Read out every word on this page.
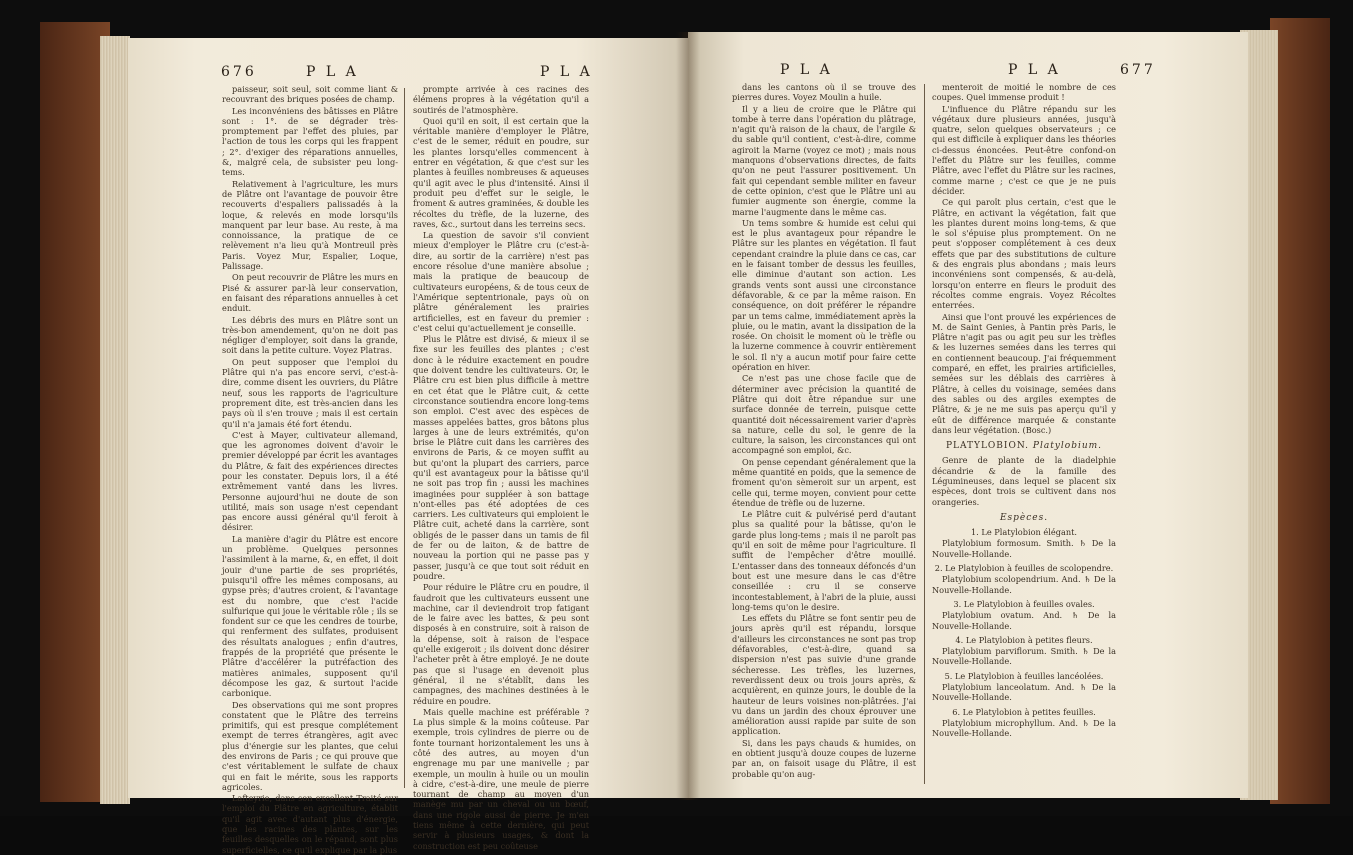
676	P L A	P L A

paisseur, soit seul, soit comme liant & recouvrant des briques posées de champ.

Les inconvéniens des bâtisses en Plâtre sont : 1°. de se dégrader très-promptement par l'effet des pluies, par l'action de tous les corps qui les frappent ; 2°. d'exiger des réparations annuelles, &, malgré cela, de subsister peu long-tems.

Relativement à l'agriculture, les murs de Plâtre ont l'avantage de pouvoir être recouverts d'espaliers palissadés à la loque, & relevés en mode lorsqu'ils manquent par leur base. Au reste, à ma connoissance, la pratique de ce relèvement n'a lieu qu'à Montreuil près Paris. Voyez Mur, Espalier, Loque, Palissage.

On peut recouvrir de Plâtre les murs en Pisé & assurer par-là leur conservation, en faisant des réparations annuelles à cet enduit.

Les débris des murs en Plâtre sont un très-bon amendement, qu'on ne doit pas négliger d'employer, soit dans la grande, soit dans la petite culture. Voyez Platras.

On peut supposer que l'emploi du Plâtre qui n'a pas encore servi, c'est-à-dire, comme disent les ouvriers, du Plâtre neuf, sous les rapports de l'agriculture proprement dite, est très-ancien dans les pays où il s'en trouve ; mais il est certain qu'il n'a jamais été fort étendu.

C'est à Mayer, cultivateur allemand, que les agronomes doivent d'avoir le premier développé par écrit les avantages du Plâtre, & fait des expériences directes pour les constater. Depuis lors, il a été extrêmement vanté dans les livres. Personne aujourd'hui ne doute de son utilité, mais son usage n'est cependant pas encore aussi général qu'il feroit à désirer.

La manière d'agir du Plâtre est encore un problème. Quelques personnes l'assimilent à la marne, &, en effet, il doit jouir d'une partie de ses propriétés, puisqu'il offre les mêmes composans, au gypse près; d'autres croient, & l'avantage est du nombre, que c'est l'acide sulfurique qui joue le véritable rôle ; ils se fondent sur ce que les cendres de tourbe, qui renferment des sulfates, produisent des résultats analogues ; enfin d'autres, frappés de la propriété que présente le Plâtre d'accélérer la putréfaction des matières animales, supposent qu'il décompose les gaz, & surtout l'acide carbonique.

Des observations qui me sont propres constatent que le Plâtre des terreins primitifs, qui est presque complétement exempt de terres étrangères, agit avec plus d'énergie sur les plantes, que celui des environs de Paris ; ce qui prouve que c'est véritablement le sulfate de chaux qui en fait le mérite, sous les rapports agricoles.

Lafteyrie, dans son excellent Traité sur l'emploi du Plâtre en agriculture, établit qu'il agit avec d'autant plus d'énergie, que les racines des plantes, sur les feuilles desquelles on le répand, sont plus superficielles, ce qu'il explique par la plus

prompte arrivée à ces racines des élémens propres à la végétation qu'il a soutirés de l'atmosphère.

Quoi qu'il en soit, il est certain que la véritable manière d'employer le Plâtre, c'est de le semer, réduit en poudre, sur les plantes lorsqu'elles commencent à entrer en végétation, & que c'est sur les plantes à feuilles nombreuses & aqueuses qu'il agit avec le plus d'intensité. Ainsi il produit peu d'effet sur le seigle, le froment & autres graminées, & double les récoltes du trèfle, de la luzerne, des raves, &c., surtout dans les terreins secs.

La question de savoir s'il convient mieux d'employer le Plâtre cru (c'est-à-dire, au sortir de la carrière) n'est pas encore résolue d'une manière absolue ; mais la pratique de beaucoup de cultivateurs européens, & de tous ceux de l'Amérique septentrionale, pays où on plâtre généralement les prairies artificielles, est en faveur du premier : c'est celui qu'actuellement je conseille.

Plus le Plâtre est divisé, & mieux il se fixe sur les feuilles des plantes ; c'est donc à le réduire exactement en poudre que doivent tendre les cultivateurs. Or, le Plâtre cru est bien plus difficile à mettre en cet état que le Plâtre cuit, & cette circonstance soutiendra encore long-tems son emploi. C'est avec des espèces de masses appelées battes, gros bâtons plus larges à une de leurs extrémités, qu'on brise le Plâtre cuit dans les carrières des environs de Paris, & ce moyen suffit au but qu'ont la plupart des carriers, parce qu'il est avantageux pour la bâtisse qu'il ne soit pas trop fin ; aussi les machines imaginées pour suppléer à son battage n'ont-elles pas été adoptées de ces carriers. Les cultivateurs qui emploient le Plâtre cuit, acheté dans la carrière, sont obligés de le passer dans un tamis de fil de fer ou de laiton, & de battre de nouveau la portion qui ne passe pas y passer, jusqu'à ce que tout soit réduit en poudre.

Pour réduire le Plâtre cru en poudre, il faudroit que les cultivateurs eussent une machine, car il deviendroit trop fatigant de le faire avec les battes, & peu sont disposés à en construire, soit à raison de la dépense, soit à raison de l'espace qu'elle exigeroit ; ils doivent donc désirer l'acheter prêt à être employé. Je ne doute pas que si l'usage en devenoit plus général, il ne s'établît, dans les campagnes, des machines destinées à le réduire en poudre.

Mais quelle machine est préférable ? La plus simple & la moins coûteuse. Par exemple, trois cylindres de pierre ou de fonte tournant horizontalement les uns à côté des autres, au moyen d'un engrenage mu par une manivelle ; par exemple, un moulin à huile ou un moulin à cidre, c'est-à-dire, une meule de pierre tournant de champ au moyen d'un manège mu par un cheval ou un bœuf, dans une rigole aussi de pierre. Je m'en tiens même à cette dernière, qui peut servir à plusieurs usages, & dont la construction est peu coûteuse

P L A	P L A	677

dans les cantons où il se trouve des pierres dures. Voyez Moulin a huile.

Il y a lieu de croire que le Plâtre qui tombe à terre dans l'opération du plâtrage, n'agit qu'à raison de la chaux, de l'argile & du sable qu'il contient, c'est-à-dire, comme agiroit la Marne (voyez ce mot) ; mais nous manquons d'observations directes, de faits qu'on ne peut l'assurer positivement. Un fait qui cependant semble militer en faveur de cette opinion, c'est que le Plâtre uni au fumier augmente son énergie, comme la marne l'augmente dans le même cas.

Un tems sombre & humide est celui qui est le plus avantageux pour répandre le Plâtre sur les plantes en végétation. Il faut cependant craindre la pluie dans ce cas, car en le faisant tomber de dessus les feuilles, elle diminue d'autant son action. Les grands vents sont aussi une circonstance défavorable, & ce par la même raison. En conséquence, on doit préférer le répandre par un tems calme, immédiatement après la pluie, ou le matin, avant la dissipation de la rosée. On choisit le moment où le trèfle ou la luzerne commence à couvrir entièrement le sol. Il n'y a aucun motif pour faire cette opération en hiver.

Ce n'est pas une chose facile que de déterminer avec précision la quantité de Plâtre qui doit être répandue sur une surface donnée de terrein, puisque cette quantité doit nécessairement varier d'après sa nature, celle du sol, le genre de la culture, la saison, les circonstances qui ont accompagné son emploi, &c.

On pense cependant généralement que la même quantité en poids, que la semence de froment qu'on sèmeroit sur un arpent, est celle qui, terme moyen, convient pour cette étendue de trèfle ou de luzerne.

Le Plâtre cuit & pulvérisé perd d'autant plus sa qualité pour la bâtisse, qu'on le garde plus long-tems ; mais il ne paroît pas qu'il en soit de même pour l'agriculture. Il suffit de l'empêcher d'être mouillé. L'entasser dans des tonneaux défoncés d'un bout est une mesure dans le cas d'être conseillée : cru il se conserve incontestablement, à l'abri de la pluie, aussi long-tems qu'on le desire.

Les effets du Plâtre se font sentir peu de jours après qu'il est répandu, lorsque d'ailleurs les circonstances ne sont pas trop défavorables, c'est-à-dire, quand sa dispersion n'est pas suivie d'une grande sécheresse. Les trèfles, les luzernes, reverdissent deux ou trois jours après, & acquièrent, en quinze jours, le double de la hauteur de leurs voisines non-plâtrées. J'ai vu dans un jardin des choux éprouver une amélioration aussi rapide par suite de son application.

Si, dans les pays chauds & humides, on en obtient jusqu'à douze coupes de luzerne par an, on faisoit usage du Plâtre, il est probable qu'on aug-

menteroit de moitié le nombre de ces coupes. Quel immense produit !

L'influence du Plâtre répandu sur les végétaux dure plusieurs années, jusqu'à quatre, selon quelques observateurs ; ce qui est difficile à expliquer dans les théories ci-dessus énoncées. Peut-être confond-on l'effet du Plâtre sur les feuilles, comme Plâtre, avec l'effet du Plâtre sur les racines, comme marne ; c'est ce que je ne puis décider.

Ce qui paroît plus certain, c'est que le Plâtre, en activant la végétation, fait que les plantes durent moins long-tems, & que le sol s'épuise plus promptement. On ne peut s'opposer complétement à ces deux effets que par des substitutions de culture & des engrais plus abondans ; mais leurs inconvéniens sont compensés, & au-delà, lorsqu'on enterre en fleurs le produit des récoltes comme engrais. Voyez Récoltes enterrées.

Ainsi que l'ont prouvé les expériences de M. de Saint Genies, à Pantin près Paris, le Plâtre n'agit pas ou agit peu sur les trèfles & les luzernes semées dans les terres qui en contiennent beaucoup. J'ai fréquemment comparé, en effet, les prairies artificielles, semées sur les déblais des carrières à Plâtre, à celles du voisinage, semées dans des sables ou des argiles exemptes de Plâtre, & je ne me suis pas aperçu qu'il y eût de différence marquée & constante dans leur végétation. (Bosc.)

PLATYLOBION. Platylobium.

Genre de plante de la diadelphie décandrie & de la famille des Légumineuses, dans lequel se placent six espèces, dont trois se cultivent dans nos orangeries.

Espèces.

1. Le Platylobion élégant.

Platylobium formosum. Smith. ♄ De la Nouvelle-Hollande.

2. Le Platylobion à feuilles de scolopendre.

Platylobium scolopendrium. And. ♄ De la Nouvelle-Hollande.

3. Le Platylobion à feuilles ovales.

Platylobium ovatum. And. ♄ De la Nouvelle-Hollande.

4. Le Platylobion à petites fleurs.

Platylobium parviflorum. Smith. ♄ De la Nouvelle-Hollande.

5. Le Platylobion à feuilles lancéolées.

Platylobium lanceolatum. And. ♄ De la Nouvelle-Hollande.

6. Le Platylobion à petites feuilles.

Platylobium microphyllum. And. ♄ De la Nouvelle-Hollande.
